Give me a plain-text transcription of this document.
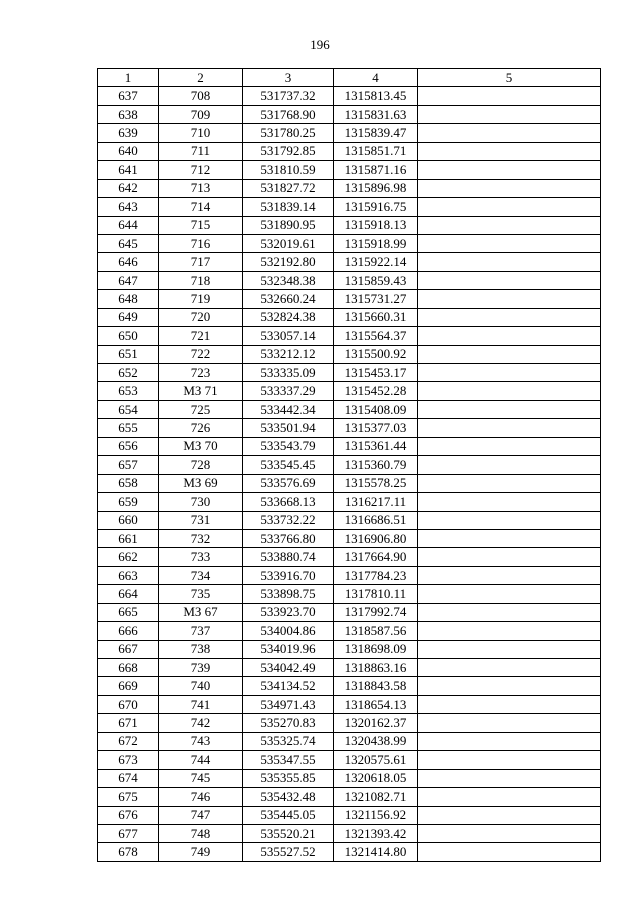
196
1	2	3	4	5
637	708	531737.32	1315813.45	
638	709	531768.90	1315831.63	
639	710	531780.25	1315839.47	
640	711	531792.85	1315851.71	
641	712	531810.59	1315871.16	
642	713	531827.72	1315896.98	
643	714	531839.14	1315916.75	
644	715	531890.95	1315918.13	
645	716	532019.61	1315918.99	
646	717	532192.80	1315922.14	
647	718	532348.38	1315859.43	
648	719	532660.24	1315731.27	
649	720	532824.38	1315660.31	
650	721	533057.14	1315564.37	
651	722	533212.12	1315500.92	
652	723	533335.09	1315453.17	
653	МЗ 71	533337.29	1315452.28	
654	725	533442.34	1315408.09	
655	726	533501.94	1315377.03	
656	МЗ 70	533543.79	1315361.44	
657	728	533545.45	1315360.79	
658	МЗ 69	533576.69	1315578.25	
659	730	533668.13	1316217.11	
660	731	533732.22	1316686.51	
661	732	533766.80	1316906.80	
662	733	533880.74	1317664.90	
663	734	533916.70	1317784.23	
664	735	533898.75	1317810.11	
665	МЗ 67	533923.70	1317992.74	
666	737	534004.86	1318587.56	
667	738	534019.96	1318698.09	
668	739	534042.49	1318863.16	
669	740	534134.52	1318843.58	
670	741	534971.43	1318654.13	
671	742	535270.83	1320162.37	
672	743	535325.74	1320438.99	
673	744	535347.55	1320575.61	
674	745	535355.85	1320618.05	
675	746	535432.48	1321082.71	
676	747	535445.05	1321156.92	
677	748	535520.21	1321393.42	
678	749	535527.52	1321414.80	
